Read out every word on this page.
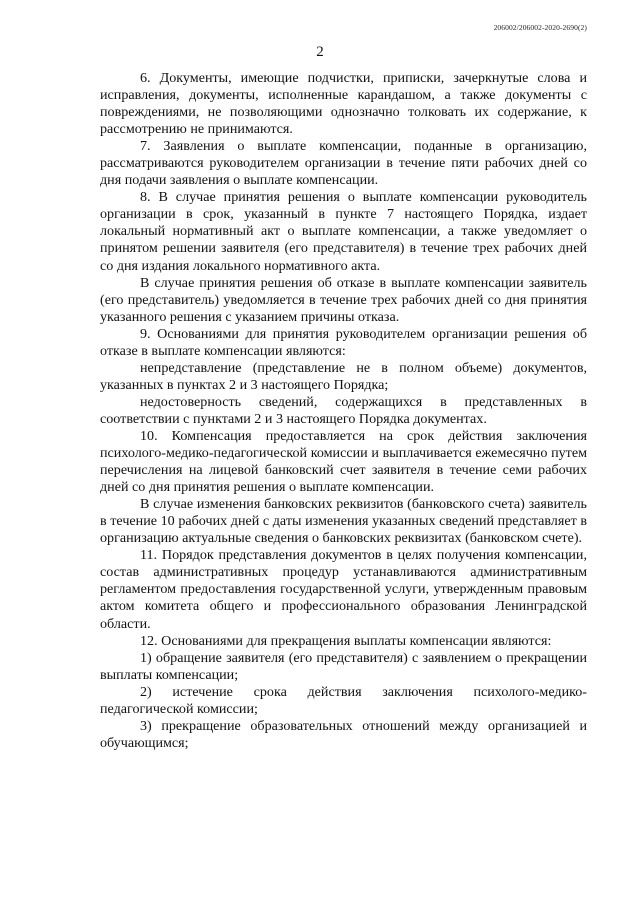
206002/206002-2020-2690(2)
2

6. Документы, имеющие подчистки, приписки, зачеркнутые слова и исправления, документы, исполненные карандашом, а также документы с повреждениями, не позволяющими однозначно толковать их содержание, к рассмотрению не принимаются.

7. Заявления о выплате компенсации, поданные в организацию, рассматриваются руководителем организации в течение пяти рабочих дней со дня подачи заявления о выплате компенсации.

8. В случае принятия решения о выплате компенсации руководитель организации в срок, указанный в пункте 7 настоящего Порядка, издает локальный нормативный акт о выплате компенсации, а также уведомляет о принятом решении заявителя (его представителя) в течение трех рабочих дней со дня издания локального нормативного акта.

В случае принятия решения об отказе в выплате компенсации заявитель (его представитель) уведомляется в течение трех рабочих дней со дня принятия указанного решения с указанием причины отказа.

9. Основаниями для принятия руководителем организации решения об отказе в выплате компенсации являются:

непредставление (представление не в полном объеме) документов, указанных в пунктах 2 и 3 настоящего Порядка;

недостоверность сведений, содержащихся в представленных в соответствии с пунктами 2 и 3 настоящего Порядка документах.

10. Компенсация предоставляется на срок действия заключения психолого-медико-педагогической комиссии и выплачивается ежемесячно путем перечисления на лицевой банковский счет заявителя в течение семи рабочих дней со дня принятия решения о выплате компенсации.

В случае изменения банковских реквизитов (банковского счета) заявитель в течение 10 рабочих дней с даты изменения указанных сведений представляет в организацию актуальные сведения о банковских реквизитах (банковском счете).

11. Порядок представления документов в целях получения компенсации, состав административных процедур устанавливаются административным регламентом предоставления государственной услуги, утвержденным правовым актом комитета общего и профессионального образования Ленинградской области.

12. Основаниями для прекращения выплаты компенсации являются:

1) обращение заявителя (его представителя) с заявлением о прекращении выплаты компенсации;

2) истечение срока действия заключения психолого-медико-педагогической комиссии;

3) прекращение образовательных отношений между организацией и обучающимся;
